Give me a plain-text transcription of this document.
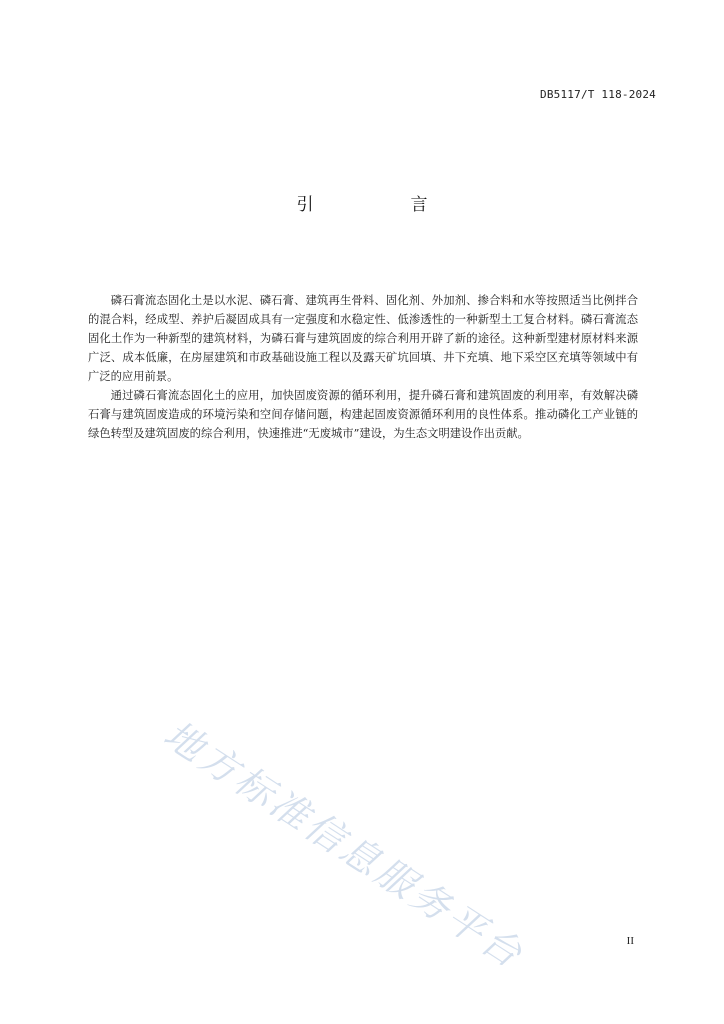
DB5117/T 118-2024
引　言

磷石膏流态固化土是以水泥、磷石膏、建筑再生骨料、固化剂、外加剂、掺合料和水等按照适当比例拌合的混合料，经成型、养护后凝固成具有一定强度和水稳定性、低渗透性的一种新型土工复合材料。磷石膏流态固化土作为一种新型的建筑材料，为磷石膏与建筑固废的综合利用开辟了新的途径。这种新型建材原材料来源广泛、成本低廉，在房屋建筑和市政基础设施工程以及露天矿坑回填、井下充填、地下采空区充填等领域中有广泛的应用前景。

通过磷石膏流态固化土的应用，加快固废资源的循环利用，提升磷石膏和建筑固废的利用率，有效解决磷石膏与建筑固废造成的环境污染和空间存储问题，构建起固废资源循环利用的良性体系。推动磷化工产业链的绿色转型及建筑固废的综合利用，快速推进“无废城市”建设，为生态文明建设作出贡献。

地方标准信息服务平台	II
